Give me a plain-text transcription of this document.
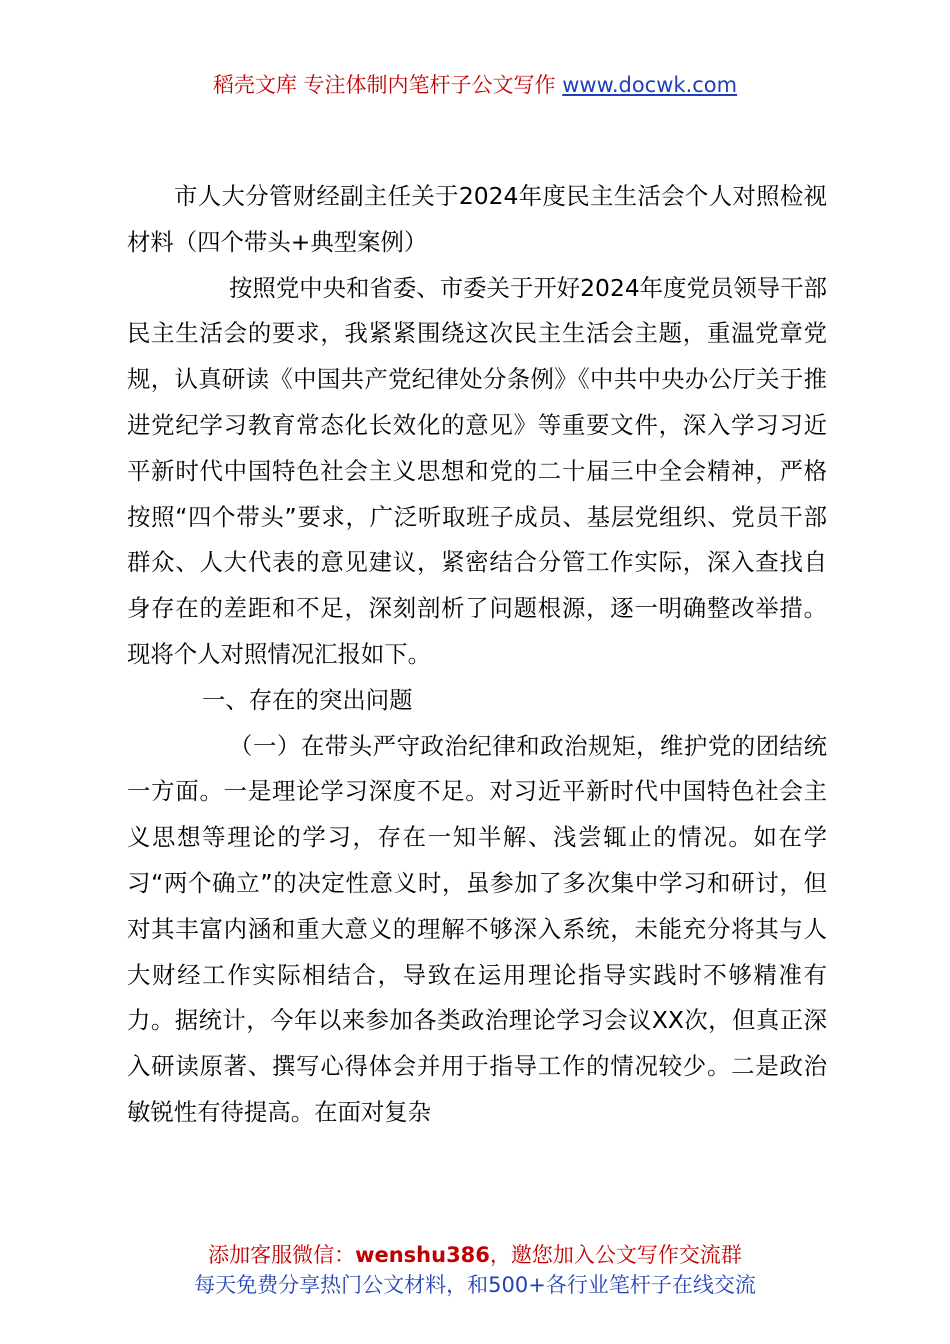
稻壳文库 专注体制内笔杆子公文写作 www.docwk.com

市人大分管财经副主任关于2024年度民主生活会个人对照检视材料（四个带头+典型案例）

按照党中央和省委、市委关于开好2024年度党员领导干部民主生活会的要求，我紧紧围绕这次民主生活会主题，重温党章党规，认真研读《中国共产党纪律处分条例》《中共中央办公厅关于推进党纪学习教育常态化长效化的意见》等重要文件，深入学习习近平新时代中国特色社会主义思想和党的二十届三中全会精神，严格按照“四个带头”要求，广泛听取班子成员、基层党组织、党员干部群众、人大代表的意见建议，紧密结合分管工作实际，深入查找自身存在的差距和不足，深刻剖析了问题根源，逐一明确整改举措。现将个人对照情况汇报如下。

一、存在的突出问题

（一）在带头严守政治纪律和政治规矩，维护党的团结统一方面。一是理论学习深度不足。对习近平新时代中国特色社会主义思想等理论的学习，存在一知半解、浅尝辄止的情况。如在学习“两个确立”的决定性意义时，虽参加了多次集中学习和研讨，但对其丰富内涵和重大意义的理解不够深入系统，未能充分将其与人大财经工作实际相结合，导致在运用理论指导实践时不够精准有力。据统计，今年以来参加各类政治理论学习会议XX次，但真正深入研读原著、撰写心得体会并用于指导工作的情况较少。二是政治敏锐性有待提高。在面对复杂

添加客服微信：wenshu386，邀您加入公文写作交流群
每天免费分享热门公文材料，和500+各行业笔杆子在线交流
